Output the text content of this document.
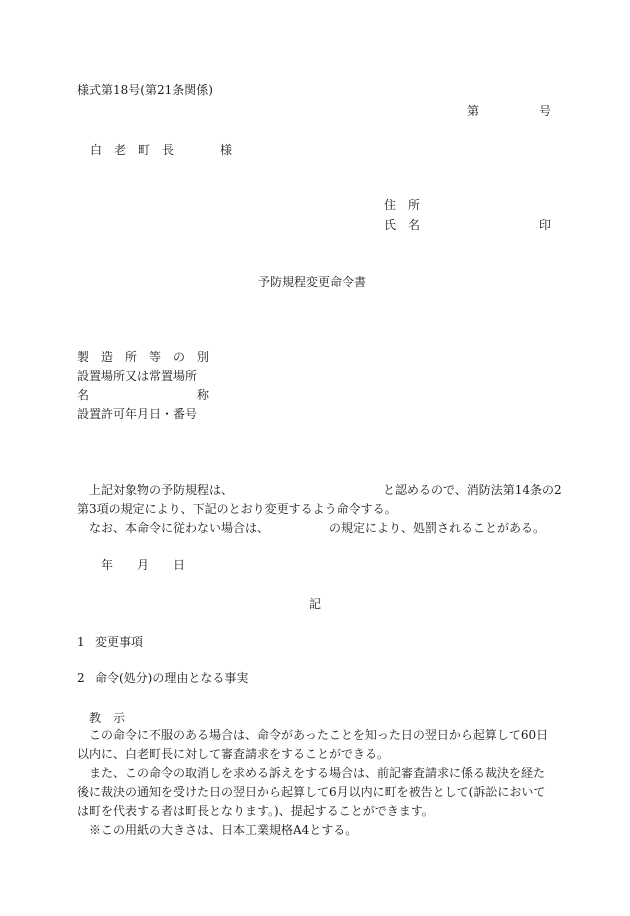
様式第18号(第21条関係)
第	号
白　老　町　長	様
住　所
氏　名	印
予防規程変更命令書
製　造　所　等　の　別
設置場所又は常置場所
名	称
設置許可年月日・番号
上記対象物の予防規程は、	と認めるので、消防法第14条の2
第3項の規定により、下記のとおり変更するよう命令する。
なお、本命令に従わない場合は、	の規定により、処罰されることがある。
年 月 日
記
1 変更事項
2 命令(処分)の理由となる事実
教　示
この命令に不服のある場合は、命令があったことを知った日の翌日から起算して60日以内に、白老町長に対して審査請求をすることができる。
また、この命令の取消しを求める訴えをする場合は、前記審査請求に係る裁決を経た後に裁決の通知を受けた日の翌日から起算して6月以内に町を被告として(訴訟においては町を代表する者は町長となります。)、提起することができます。
※この用紙の大きさは、日本工業規格A4とする。
